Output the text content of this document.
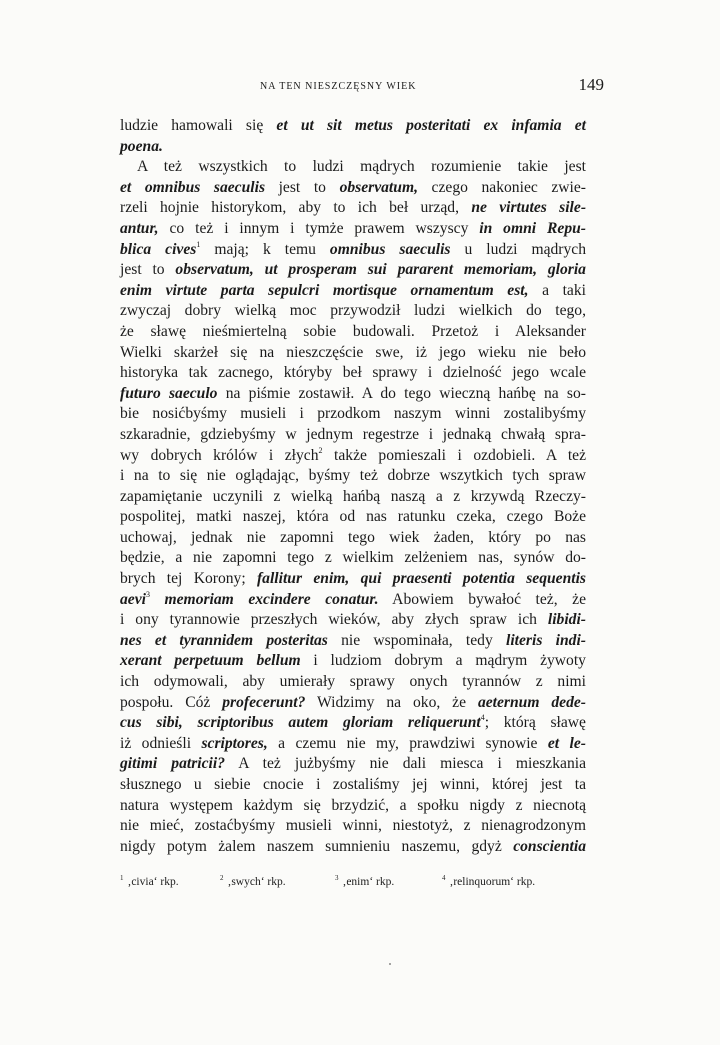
NA TEN NIESZCZĘSNY WIEK	149
ludzie hamowali się et ut sit metus posteritati ex infamia et
poena.
A też wszystkich to ludzi mądrych rozumienie takie jest
et omnibus saeculis jest to observatum, czego nakoniec zwie-
rzeli hojnie historykom, aby to ich beł urząd, ne virtutes sile-
antur, co też i innym i tymże prawem wszyscy in omni Repu-
blica cives$^1$ mają; k temu omnibus saeculis u ludzi mądrych
jest to observatum, ut prosperam sui pararent memoriam, gloria
enim virtute parta sepulcri mortisque ornamentum est, a taki
zwyczaj dobry wielką moc przywodził ludzi wielkich do tego,
że sławę nieśmiertelną sobie budowali. Przetoż i Aleksander
Wielki skarżeł się na nieszczęście swe, iż jego wieku nie beło
historyka tak zacnego, któryby beł sprawy i dzielność jego wcale
futuro saeculo na piśmie zostawił. A do tego wieczną hańbę na so-
bie nosićbyśmy musieli i przodkom naszym winni zostalibyśmy
szkaradnie, gdziebyśmy w jednym regestrze i jednaką chwałą spra-
wy dobrych królów i złych$^2$ także pomieszali i ozdobieli. A też
i na to się nie oglądając, byśmy też dobrze wszytkich tych spraw
zapamiętanie uczynili z wielką hańbą naszą a z krzywdą Rzeczy-
pospolitej, matki naszej, która od nas ratunku czeka, czego Boże
uchowaj, jednak nie zapomni tego wiek żaden, który po nas
będzie, a nie zapomni tego z wielkim zelżeniem nas, synów do-
brych tej Korony; fallitur enim, qui praesenti potentia sequentis
aevi$^3$ memoriam excindere conatur. Abowiem bywałoć też, że
i ony tyrannowie przeszłych wieków, aby złych spraw ich libidi-
nes et tyrannidem posteritas nie wspominała, tedy literis indi-
xerant perpetuum bellum i ludziom dobrym a mądrym żywoty
ich odymowali, aby umierały sprawy onych tyrannów z nimi
pospołu. Cóż profecerunt? Widzimy na oko, że aeternum dede-
cus sibi, scriptoribus autem gloriam reliquerunt$^4$; którą sławę
iż odnieśli scriptores, a czemu nie my, prawdziwi synowie et le-
gitimi patricii? A też jużbyśmy nie dali miesca i mieszkania
słusznego u siebie cnocie i zostaliśmy jej winni, której jest ta
natura występem każdym się brzydzić, a społku nigdy z niecnotą
nie mieć, zostaćbyśmy musieli winni, niestotyż, z nienagrodzonym
nigdy potym żalem naszem sumnieniu naszemu, gdyż conscientia
$^1$ ‚civia‘ rkp.	$^2$ ‚swych‘ rkp.	$^3$ ‚enim‘ rkp.	$^4$ ‚relinquorum‘ rkp.
